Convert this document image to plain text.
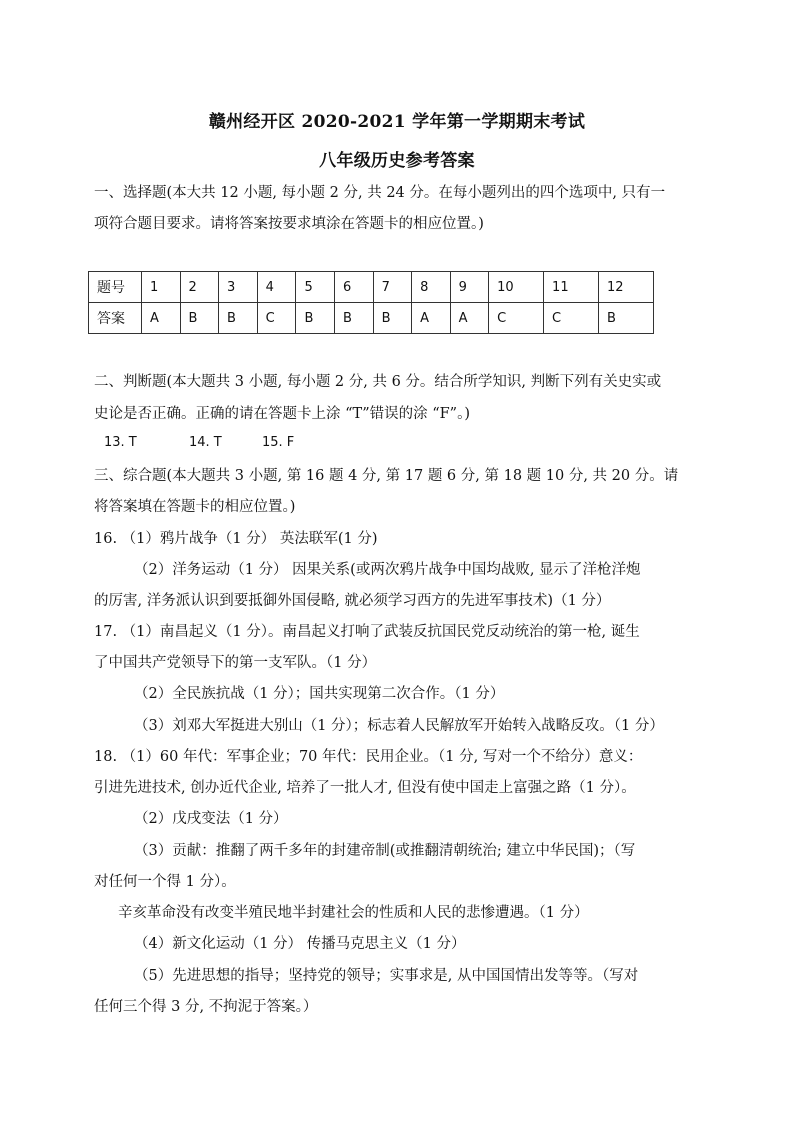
赣州经开区 2020-2021 学年第一学期期末考试
八年级历史参考答案
一、选择题(本大共 12 小题, 每小题 2 分, 共 24 分。在每小题列出的四个选项中, 只有一
项符合题目要求。请将答案按要求填涂在答题卡的相应位置。)
题号	1	2	3	4	5	6	7	8	9	10	11	12
答案	A	B	B	C	B	B	B	A	A	C	C	B
二、判断题(本大题共 3 小题, 每小题 2 分, 共 6 分。结合所学知识, 判断下列有关史实或
史论是否正确。正确的请在答题卡上涂 “T”错误的涂 “F”。)
13. T	14. T	15. F
三、综合题(本大题共 3 小题, 第 16 题 4 分, 第 17 题 6 分, 第 18 题 10 分, 共 20 分。请
将答案填在答题卡的相应位置。)
16. （1）鸦片战争（1 分） 英法联军(1 分)
（2）洋务运动（1 分） 因果关系(或两次鸦片战争中国均战败, 显示了洋枪洋炮
的厉害, 洋务派认识到要抵御外国侵略, 就必须学习西方的先进军事技术)（1 分）
17. （1）南昌起义（1 分）。南昌起义打响了武装反抗国民党反动统治的第一枪, 诞生
了中国共产党领导下的第一支军队。（1 分）
（2）全民族抗战（1 分）；国共实现第二次合作。（1 分）
（3）刘邓大军挺进大别山（1 分）；标志着人民解放军开始转入战略反攻。（1 分）
18. （1）60 年代：军事企业；70 年代：民用企业。（1 分, 写对一个不给分）意义：
引进先进技术, 创办近代企业, 培养了一批人才, 但没有使中国走上富强之路（1 分）。
（2）戊戌变法（1 分）
（3）贡献：推翻了两千多年的封建帝制(或推翻清朝统治; 建立中华民国)；（写
对任何一个得 1 分）。
辛亥革命没有改变半殖民地半封建社会的性质和人民的悲惨遭遇。（1 分）
（4）新文化运动（1 分） 传播马克思主义（1 分）
（5）先进思想的指导；坚持党的领导；实事求是, 从中国国情出发等等。（写对
任何三个得 3 分, 不拘泥于答案。）
